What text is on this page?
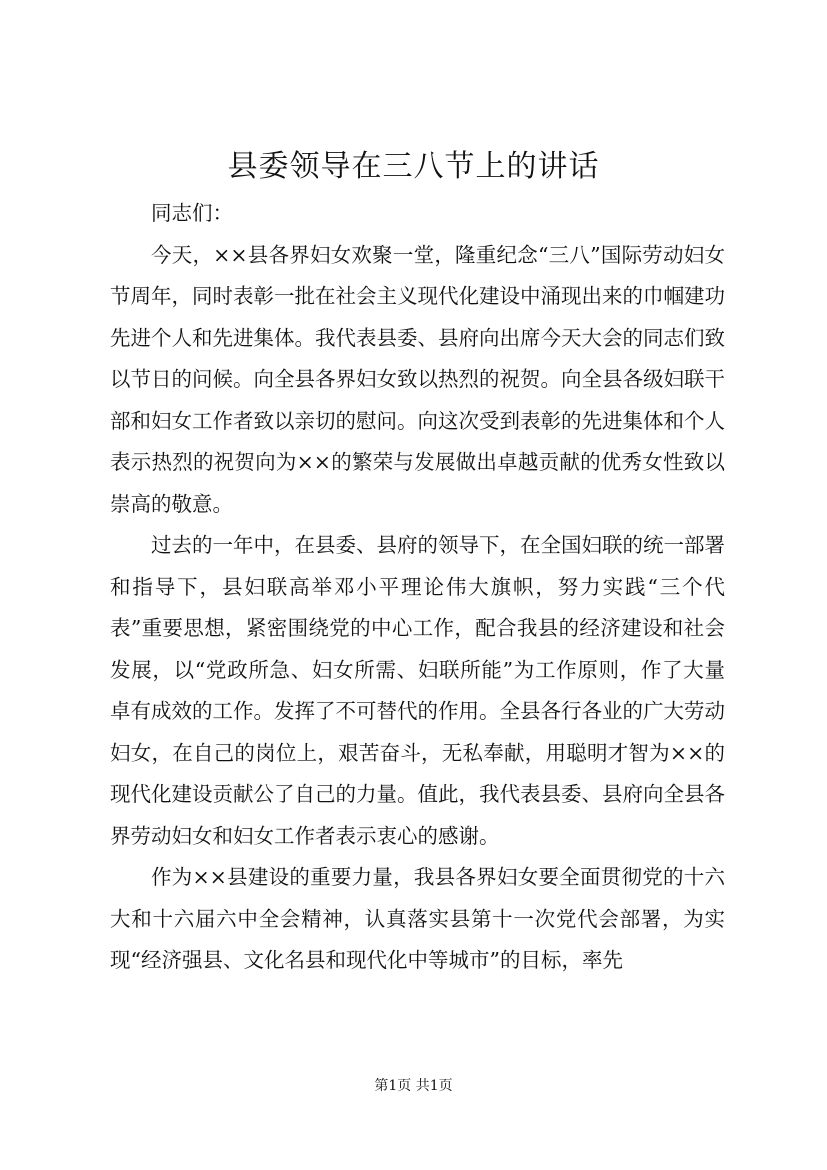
县委领导在三八节上的讲话

同志们：

今天，××县各界妇女欢聚一堂，隆重纪念“三八”国际劳动妇女节周年，同时表彰一批在社会主义现代化建设中涌现出来的巾帼建功先进个人和先进集体。我代表县委、县府向出席今天大会的同志们致以节日的问候。向全县各界妇女致以热烈的祝贺。向全县各级妇联干部和妇女工作者致以亲切的慰问。向这次受到表彰的先进集体和个人表示热烈的祝贺向为××的繁荣与发展做出卓越贡献的优秀女性致以崇高的敬意。

过去的一年中，在县委、县府的领导下，在全国妇联的统一部署和指导下，县妇联高举邓小平理论伟大旗帜，努力实践“三个代表”重要思想，紧密围绕党的中心工作，配合我县的经济建设和社会发展，以“党政所急、妇女所需、妇联所能”为工作原则，作了大量卓有成效的工作。发挥了不可替代的作用。全县各行各业的广大劳动妇女，在自己的岗位上，艰苦奋斗，无私奉献，用聪明才智为××的现代化建设贡献公了自己的力量。值此，我代表县委、县府向全县各界劳动妇女和妇女工作者表示衷心的感谢。

作为××县建设的重要力量，我县各界妇女要全面贯彻党的十六大和十六届六中全会精神，认真落实县第十一次党代会部署，为实现“经济强县、文化名县和现代化中等城市”的目标，率先

第1页 共1页
